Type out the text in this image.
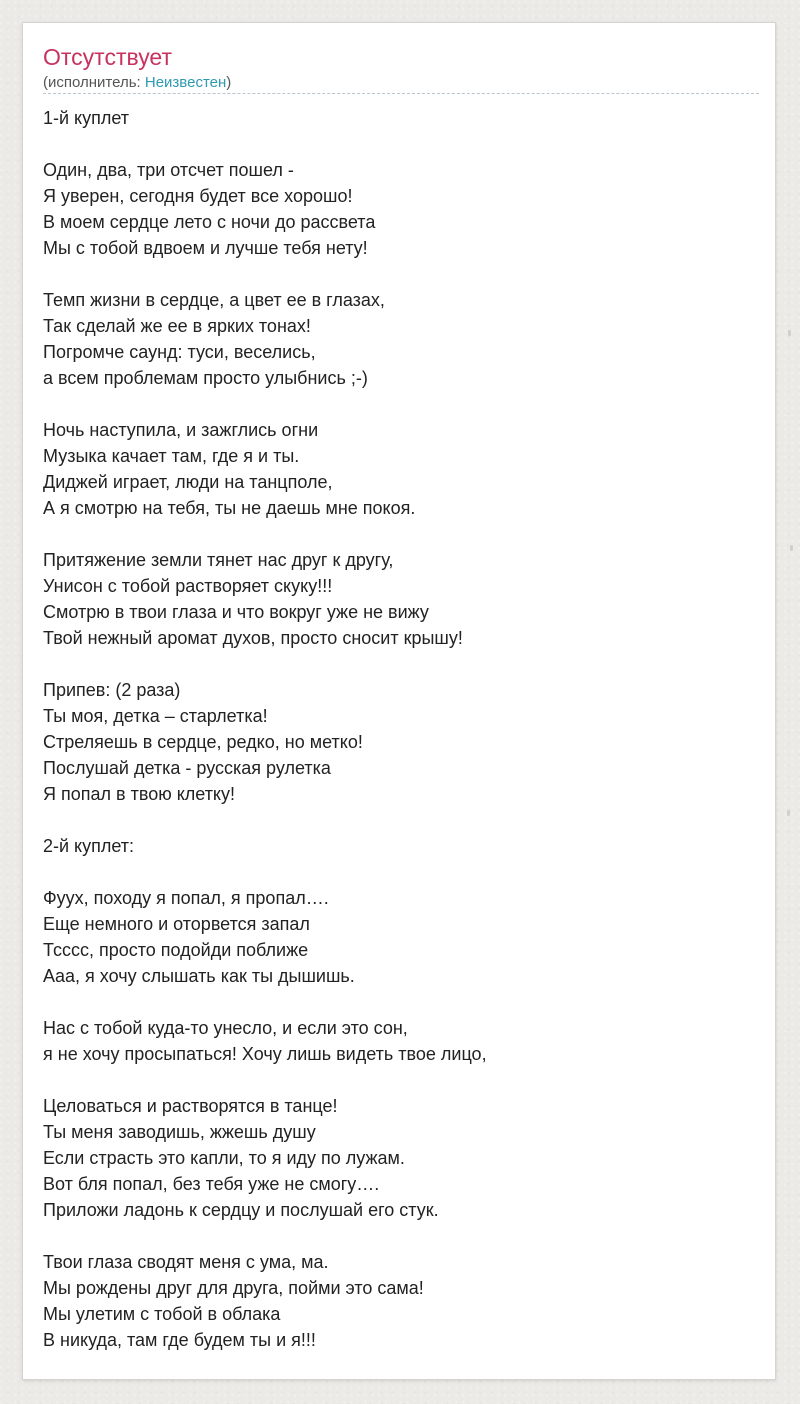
Отсутствует
(исполнитель: Неизвестен)
1-й куплет

Один, два, три отсчет пошел -
Я уверен, сегодня будет все хорошо!
В моем сердце лето с ночи до рассвета
Мы с тобой вдвоем и лучше тебя нету!

Темп жизни в сердце, а цвет ее в глазах,
Так сделай же ее в ярких тонах!
Погромче саунд: туси, веселись,
а всем проблемам просто улыбнись ;-)

Ночь наступила, и зажглись огни
Музыка качает там, где я и ты.
Диджей играет, люди на танцполе,
А я смотрю на тебя, ты не даешь мне покоя.

Притяжение земли тянет нас друг к другу,
Унисон с тобой растворяет скуку!!!
Смотрю в твои глаза и что вокруг уже не вижу
Твой нежный аромат духов, просто сносит крышу!

Припев: (2 раза)
Ты моя, детка – старлетка!
Стреляешь в сердце, редко, но метко!
Послушай детка - русская рулетка
Я попал в твою клетку!

2-й куплет:

Фуух, походу я попал, я пропал….
Еще немного и оторвется запал
Тсссс, просто подойди поближе
Aаа, я хочу слышать как ты дышишь.

Нас с тобой куда-то унесло, и если это сон,
я не хочу просыпаться! Хочу лишь видеть твое лицо,

Целоваться и растворятся в танце!
Ты меня заводишь, жжешь душу
Если страсть это капли, то я иду по лужам.
Вот бля попал, без тебя уже не смогу….
Приложи ладонь к сердцу и послушай его стук.

Твои глаза сводят меня с ума, ма.
Мы рождены друг для друга, пойми это сама!
Мы улетим с тобой в облака
В никуда, там где будем ты и я!!!
